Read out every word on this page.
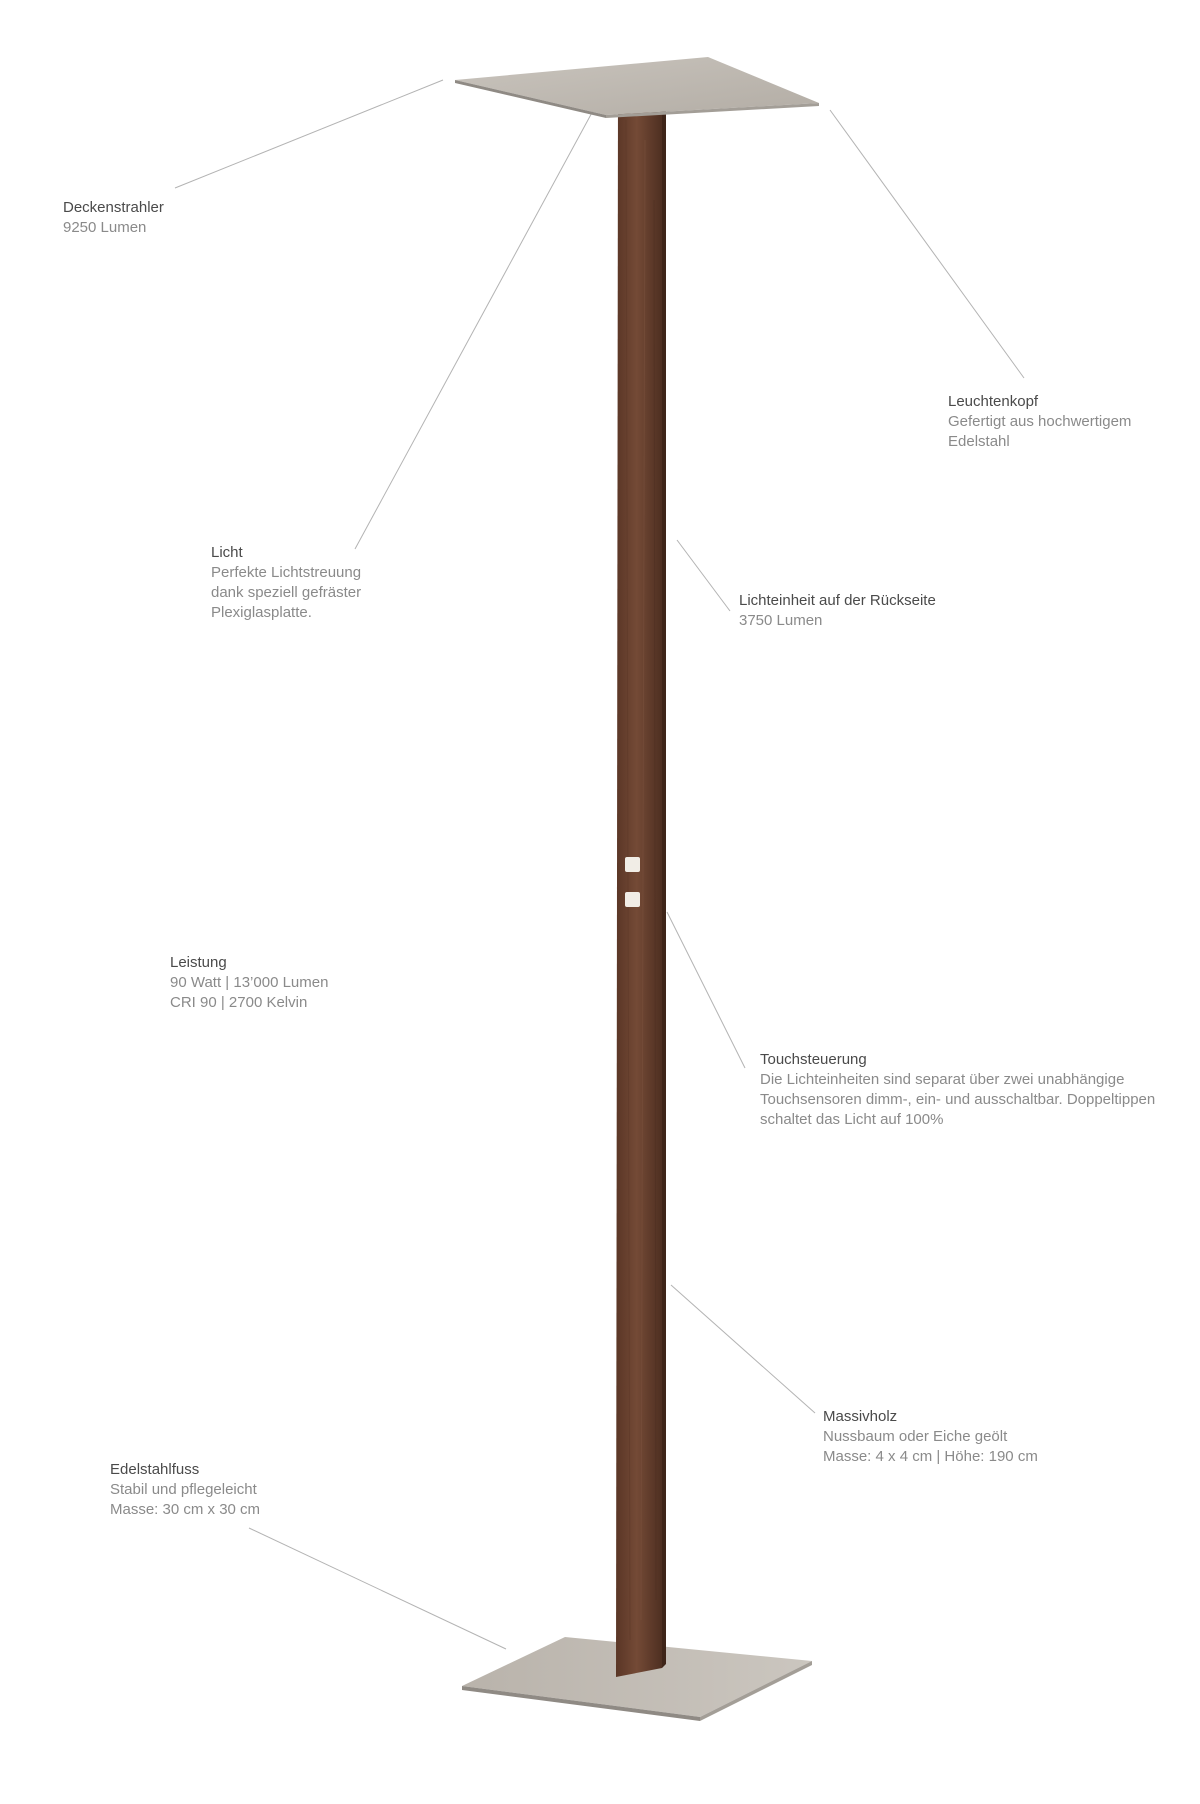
Deckenstrahler
9250 Lumen
Leuchtenkopf
Gefertigt aus hochwertigem
Edelstahl
Licht
Perfekte Lichtstreuung
dank speziell gefräster
Plexiglasplatte.
Lichteinheit auf der Rückseite
3750 Lumen
Leistung
90 Watt | 13’000 Lumen
CRI 90 | 2700 Kelvin
Touchsteuerung
Die Lichteinheiten sind separat über zwei unabhängige
Touchsensoren dimm-, ein- und ausschaltbar. Doppeltippen
schaltet das Licht auf 100%
Massivholz
Nussbaum oder Eiche geölt
Masse: 4 x 4 cm | Höhe: 190 cm
Edelstahlfuss
Stabil und pflegeleicht
Masse: 30 cm x 30 cm
